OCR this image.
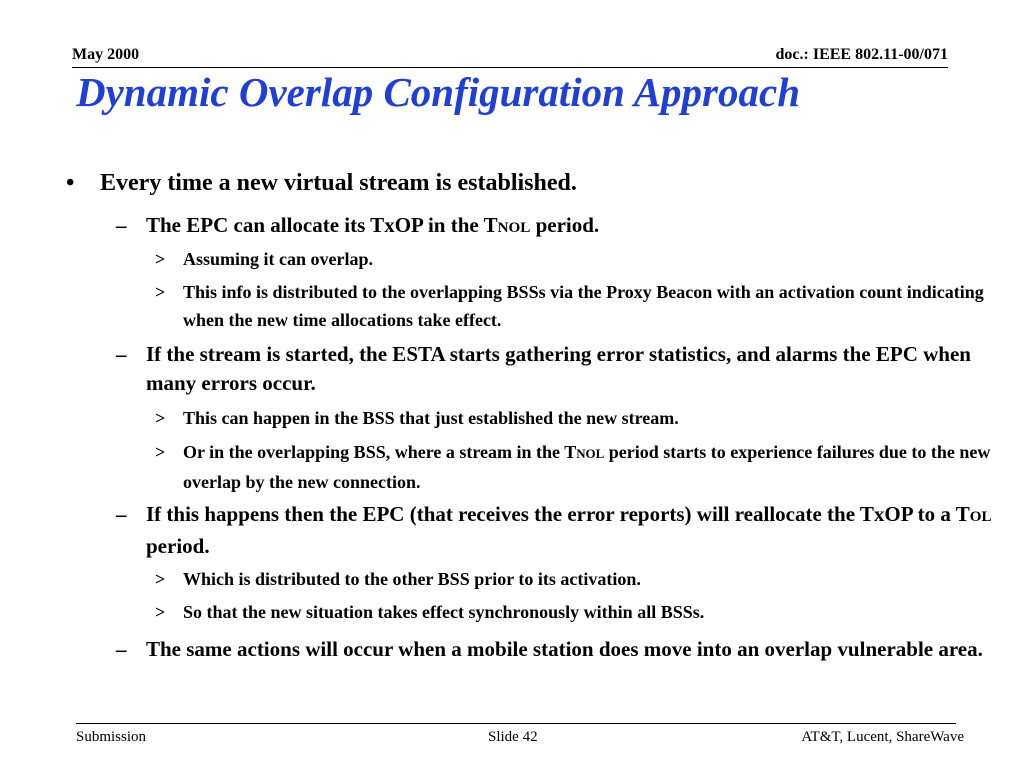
May 2000	doc.: IEEE 802.11-00/071
Dynamic Overlap Configuration Approach
• Every time a new virtual stream is established.
– The EPC can allocate its TxOP in the TNOL period.
> Assuming it can overlap.
> This info is distributed to the overlapping BSSs via the Proxy Beacon with an activation count indicating when the new time allocations take effect.
– If the stream is started, the ESTA starts gathering error statistics, and alarms the EPC when many errors occur.
> This can happen in the BSS that just established the new stream.
> Or in the overlapping BSS, where a stream in the TNOL period starts to experience failures due to the new overlap by the new connection.
– If this happens then the EPC (that receives the error reports) will reallocate the TxOP to a TOL period.
> Which is distributed to the other BSS prior to its activation.
> So that the new situation takes effect synchronously within all BSSs.
– The same actions will occur when a mobile station does move into an overlap vulnerable area.
Submission	Slide 42	AT&T, Lucent, ShareWave
